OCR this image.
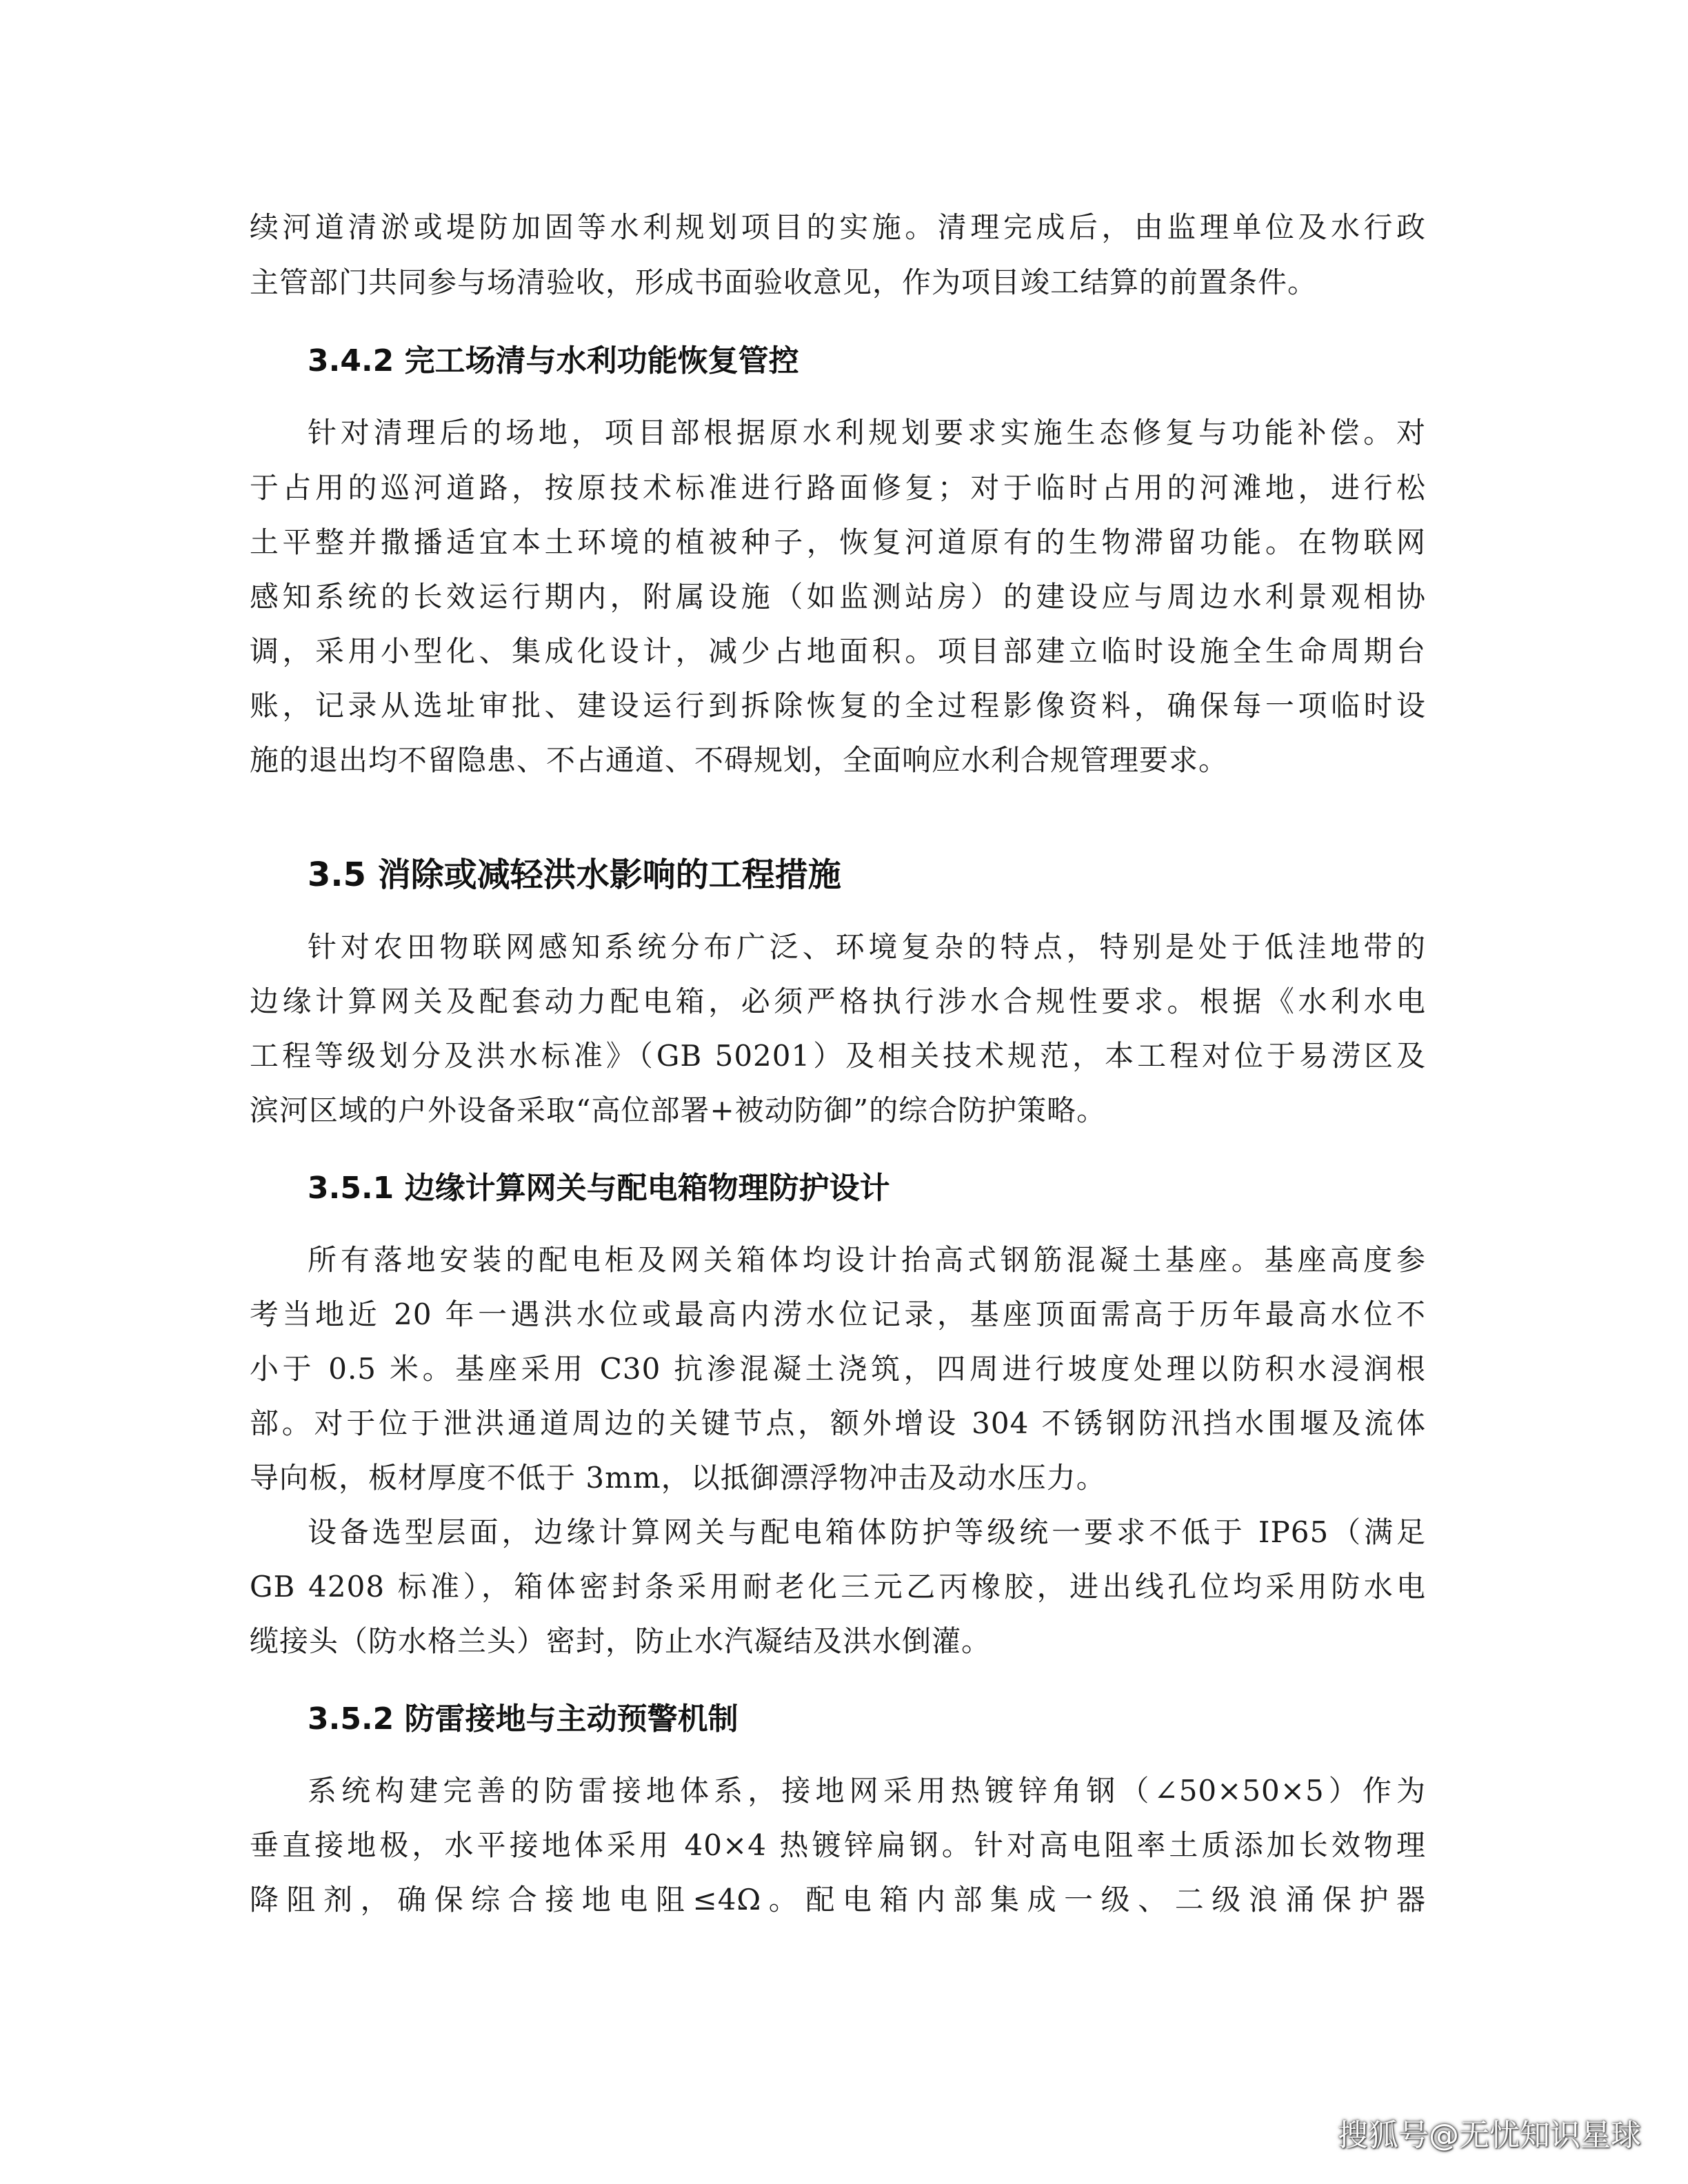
续河道清淤或堤防加固等水利规划项目的实施。清理完成后，由监理单位及水行政
主管部门共同参与场清验收，形成书面验收意见，作为项目竣工结算的前置条件。
3.4.2 完工场清与水利功能恢复管控
针对清理后的场地，项目部根据原水利规划要求实施生态修复与功能补偿。对
于占用的巡河道路，按原技术标准进行路面修复；对于临时占用的河滩地，进行松
土平整并撒播适宜本土环境的植被种子，恢复河道原有的生物滞留功能。在物联网
感知系统的长效运行期内，附属设施（如监测站房）的建设应与周边水利景观相协
调，采用小型化、集成化设计，减少占地面积。项目部建立临时设施全生命周期台
账，记录从选址审批、建设运行到拆除恢复的全过程影像资料，确保每一项临时设
施的退出均不留隐患、不占通道、不碍规划，全面响应水利合规管理要求。
3.5 消除或减轻洪水影响的工程措施
针对农田物联网感知系统分布广泛、环境复杂的特点，特别是处于低洼地带的
边缘计算网关及配套动力配电箱，必须严格执行涉水合规性要求。根据《水利水电
工程等级划分及洪水标准》（GB 50201）及相关技术规范，本工程对位于易涝区及
滨河区域的户外设备采取“高位部署+被动防御”的综合防护策略。
3.5.1 边缘计算网关与配电箱物理防护设计
所有落地安装的配电柜及网关箱体均设计抬高式钢筋混凝土基座。基座高度参
考当地近 20 年一遇洪水位或最高内涝水位记录，基座顶面需高于历年最高水位不
小于 0.5 米。基座采用 C30 抗渗混凝土浇筑，四周进行坡度处理以防积水浸润根
部。对于位于泄洪通道周边的关键节点，额外增设 304 不锈钢防汛挡水围堰及流体
导向板，板材厚度不低于 3mm，以抵御漂浮物冲击及动水压力。
设备选型层面，边缘计算网关与配电箱体防护等级统一要求不低于 IP65（满足
GB 4208 标准），箱体密封条采用耐老化三元乙丙橡胶，进出线孔位均采用防水电
缆接头（防水格兰头）密封，防止水汽凝结及洪水倒灌。
3.5.2 防雷接地与主动预警机制
系统构建完善的防雷接地体系，接地网采用热镀锌角钢（∠50×50×5）作为
垂直接地极，水平接地体采用 40×4 热镀锌扁钢。针对高电阻率土质添加长效物理
降阻剂，确保综合接地电阻≤4Ω。配电箱内部集成一级、二级浪涌保护器
搜狐号@无忧知识星球
